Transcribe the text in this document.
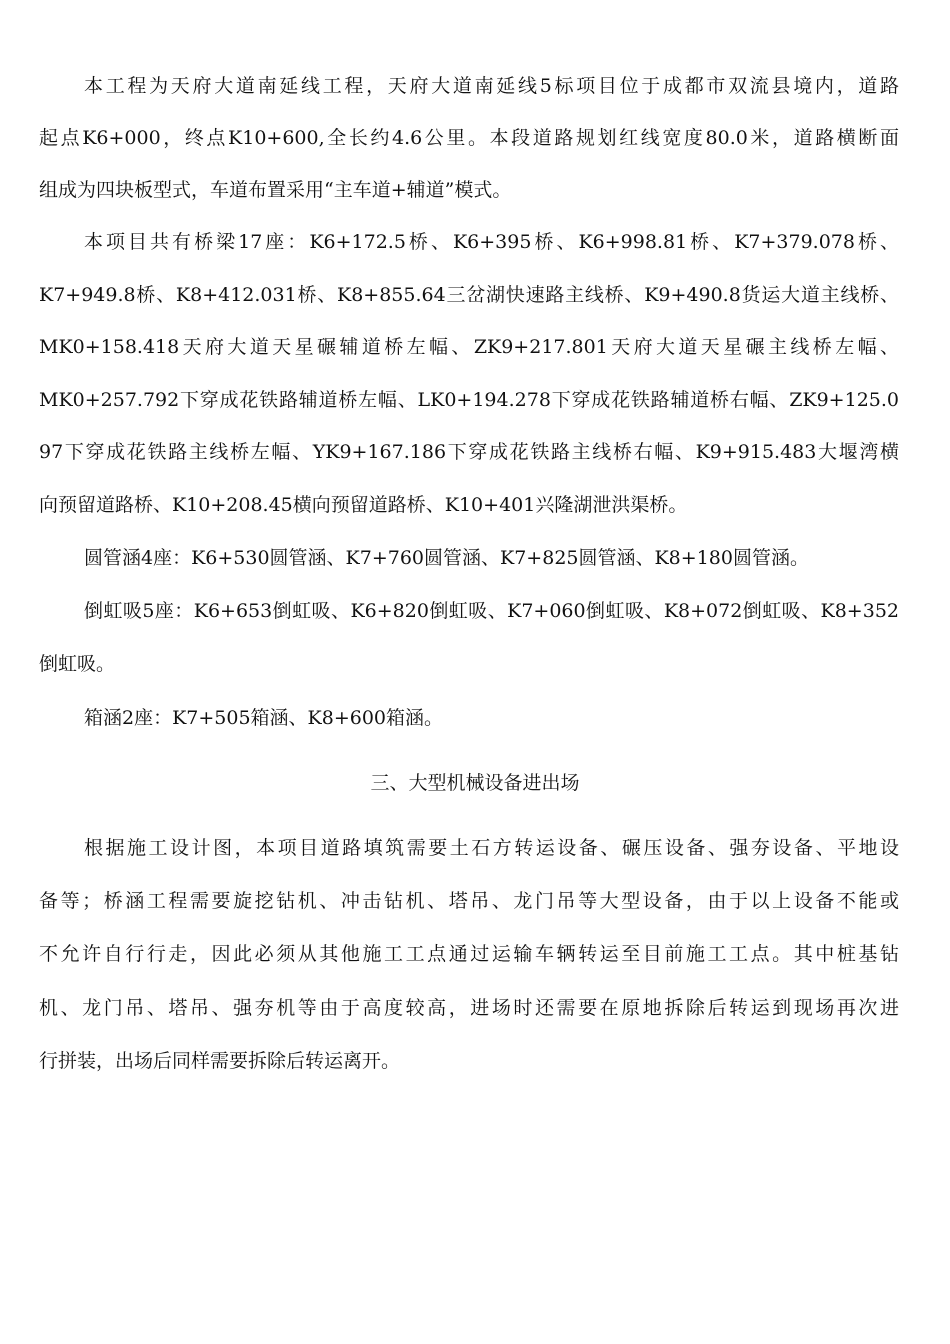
本工程为天府大道南延线工程，天府大道南延线5标项目位于成都市双流县境内，道路
起点K6+000，终点K10+600,全长约4.6公里。本段道路规划红线宽度80.0米，道路横断面
组成为四块板型式，车道布置采用“主车道+辅道”模式。
本项目共有桥梁17座：K6+172.5桥、K6+395桥、K6+998.81桥、K7+379.078桥、
K7+949.8桥、K8+412.031桥、K8+855.64三岔湖快速路主线桥、K9+490.8货运大道主线桥、
MK0+158.418天府大道天星碾辅道桥左幅、ZK9+217.801天府大道天星碾主线桥左幅、
MK0+257.792下穿成花铁路辅道桥左幅、LK0+194.278下穿成花铁路辅道桥右幅、ZK9+125.0
97下穿成花铁路主线桥左幅、YK9+167.186下穿成花铁路主线桥右幅、K9+915.483大堰湾横
向预留道路桥、K10+208.45横向预留道路桥、K10+401兴隆湖泄洪渠桥。
圆管涵4座：K6+530圆管涵、K7+760圆管涵、K7+825圆管涵、K8+180圆管涵。
倒虹吸5座：K6+653倒虹吸、K6+820倒虹吸、K7+060倒虹吸、K8+072倒虹吸、K8+352
倒虹吸。
箱涵2座：K7+505箱涵、K8+600箱涵。
三、大型机械设备进出场
根据施工设计图，本项目道路填筑需要土石方转运设备、碾压设备、强夯设备、平地设
备等；桥涵工程需要旋挖钻机、冲击钻机、塔吊、龙门吊等大型设备，由于以上设备不能或
不允许自行行走，因此必须从其他施工工点通过运输车辆转运至目前施工工点。其中桩基钻
机、龙门吊、塔吊、强夯机等由于高度较高，进场时还需要在原地拆除后转运到现场再次进
行拼装，出场后同样需要拆除后转运离开。
